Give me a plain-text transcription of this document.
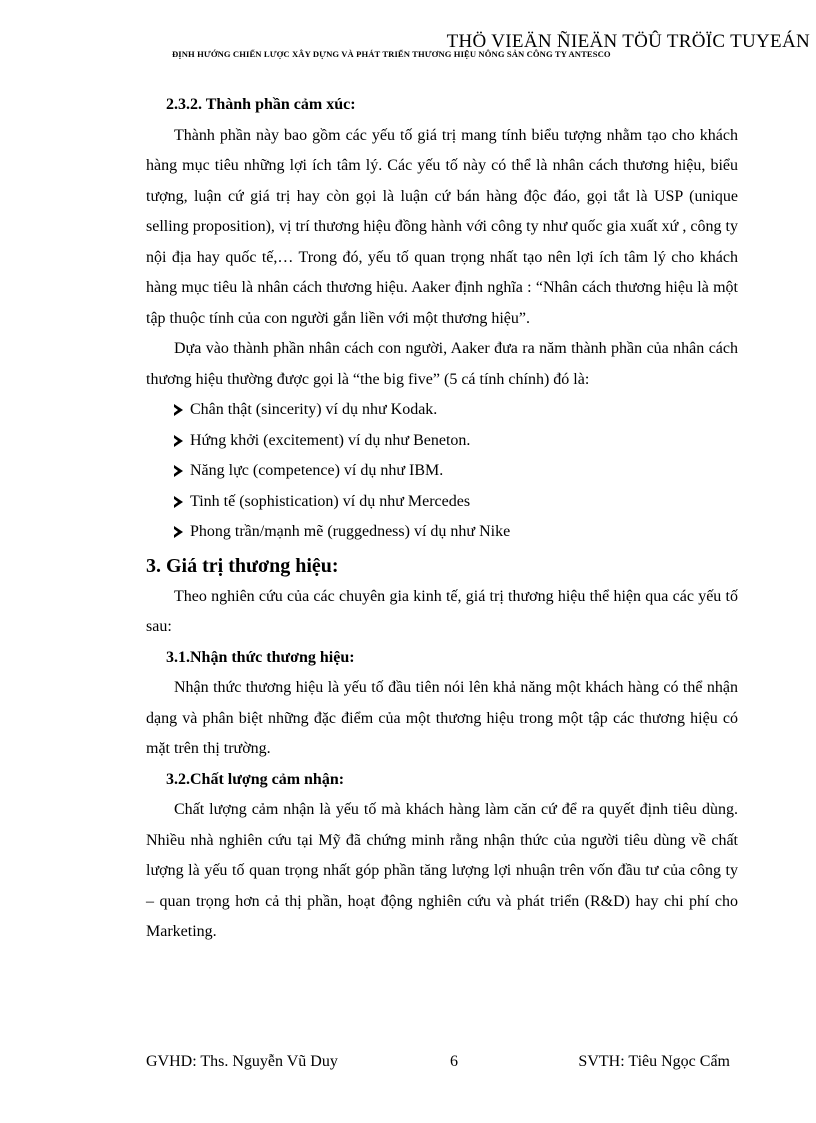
THÖ VIEÄN ÑIEÄN TÖÛ TRÖÏC TUYEÁN
ĐỊNH HƯỚNG CHIẾN LƯỢC XÂY DỰNG VÀ PHÁT TRIỂN THƯƠNG HIỆU NÔNG SẢN CÔNG TY ANTESCO

2.3.2. Thành phần cảm xúc:

Thành phần này bao gồm các yếu tố giá trị mang tính biểu tượng nhằm tạo cho khách hàng mục tiêu những lợi ích tâm lý. Các yếu tố này có thể là nhân cách thương hiệu, biểu tượng, luận cứ giá trị hay còn gọi là luận cứ bán hàng độc đáo, gọi tắt là USP (unique selling proposition), vị trí thương hiệu đồng hành với công ty như quốc gia xuất xứ , công ty nội địa hay quốc tế,… Trong đó, yếu tố quan trọng nhất tạo nên lợi ích tâm lý cho khách hàng mục tiêu là nhân cách thương hiệu. Aaker định nghĩa : “Nhân cách thương hiệu là một tập thuộc tính của con người gắn liền với một thương hiệu”.

Dựa vào thành phần nhân cách con người, Aaker đưa ra năm thành phần của nhân cách thương hiệu thường được gọi là “the big five” (5 cá tính chính) đó là:

Chân thật (sincerity) ví dụ như Kodak.
Hứng khởi (excitement) ví dụ như Beneton.
Năng lực (competence) ví dụ như IBM.
Tinh tế (sophistication) ví dụ như Mercedes
Phong trần/mạnh mẽ (ruggedness) ví dụ như Nike

3. Giá trị thương hiệu:

Theo nghiên cứu của các chuyên gia kinh tế, giá trị thương hiệu thể hiện qua các yếu tố sau:

3.1.Nhận thức thương hiệu:

Nhận thức thương hiệu là yếu tố đầu tiên nói lên khả năng một khách hàng có thể nhận dạng và phân biệt những đặc điểm của một thương hiệu trong một tập các thương hiệu có mặt trên thị trường.

3.2.Chất lượng cảm nhận:

Chất lượng cảm nhận là yếu tố mà khách hàng làm căn cứ để ra quyết định tiêu dùng. Nhiều nhà nghiên cứu tại Mỹ đã chứng minh rằng nhận thức của người tiêu dùng về chất lượng là yếu tố quan trọng nhất góp phần tăng lượng lợi nhuận trên vốn đầu tư của công ty – quan trọng hơn cả thị phần, hoạt động nghiên cứu và phát triển (R&D) hay chi phí cho Marketing.

GVHD: Ths. Nguyễn Vũ Duy	6	SVTH: Tiêu Ngọc Cẩm
